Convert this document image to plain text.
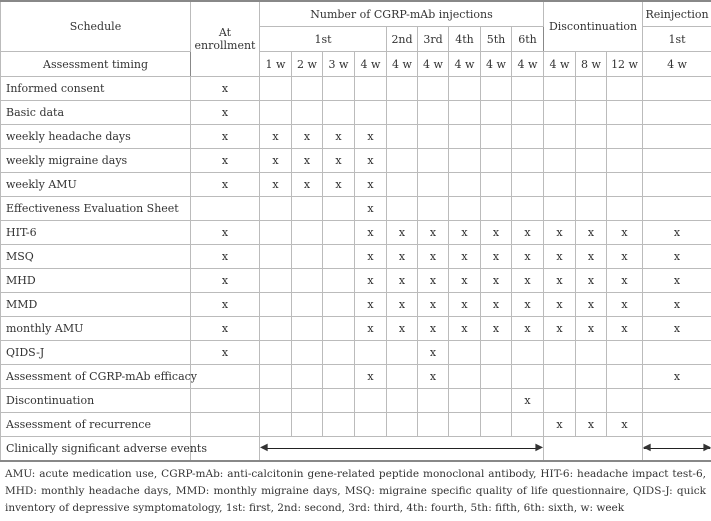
Schedule	At enrollment	Number of CGRP-mAb injections									Discontinuation			Reinjection
		1st				2nd	3rd	4th	5th	6th				1st
Assessment timing		1 w	2 w	3 w	4 w	4 w	4 w	4 w	4 w	4 w	4 w	8 w	12 w	4 w
Informed consent	x													
Basic data	x													
weekly headache days	x	x	x	x	x									
weekly migraine days	x	x	x	x	x									
weekly AMU	x	x	x	x	x									
Effectiveness Evaluation Sheet					x									
HIT-6	x				x	x	x	x	x	x	x	x	x	x
MSQ	x				x	x	x	x	x	x	x	x	x	x
MHD	x				x	x	x	x	x	x	x	x	x	x
MMD	x				x	x	x	x	x	x	x	x	x	x
monthly AMU	x				x	x	x	x	x	x	x	x	x	x
QIDS-J	x						x							
Assessment of CGRP-mAb efficacy					x		x							x
Discontinuation										x				
Assessment of recurrence											x	x	x	
Clinically significant adverse events		◀ ▶												◀ ▶
AMU: acute medication use, CGRP-mAb: anti-calcitonin gene-related peptide monoclonal antibody, HIT-6: headache impact test-6, MHD: monthly headache days, MMD: monthly migraine days, MSQ: migraine specific quality of life questionnaire, QIDS-J: quick inventory of depressive symptomatology, 1st: first, 2nd: second, 3rd: third, 4th: fourth, 5th: fifth, 6th: sixth, w: week
